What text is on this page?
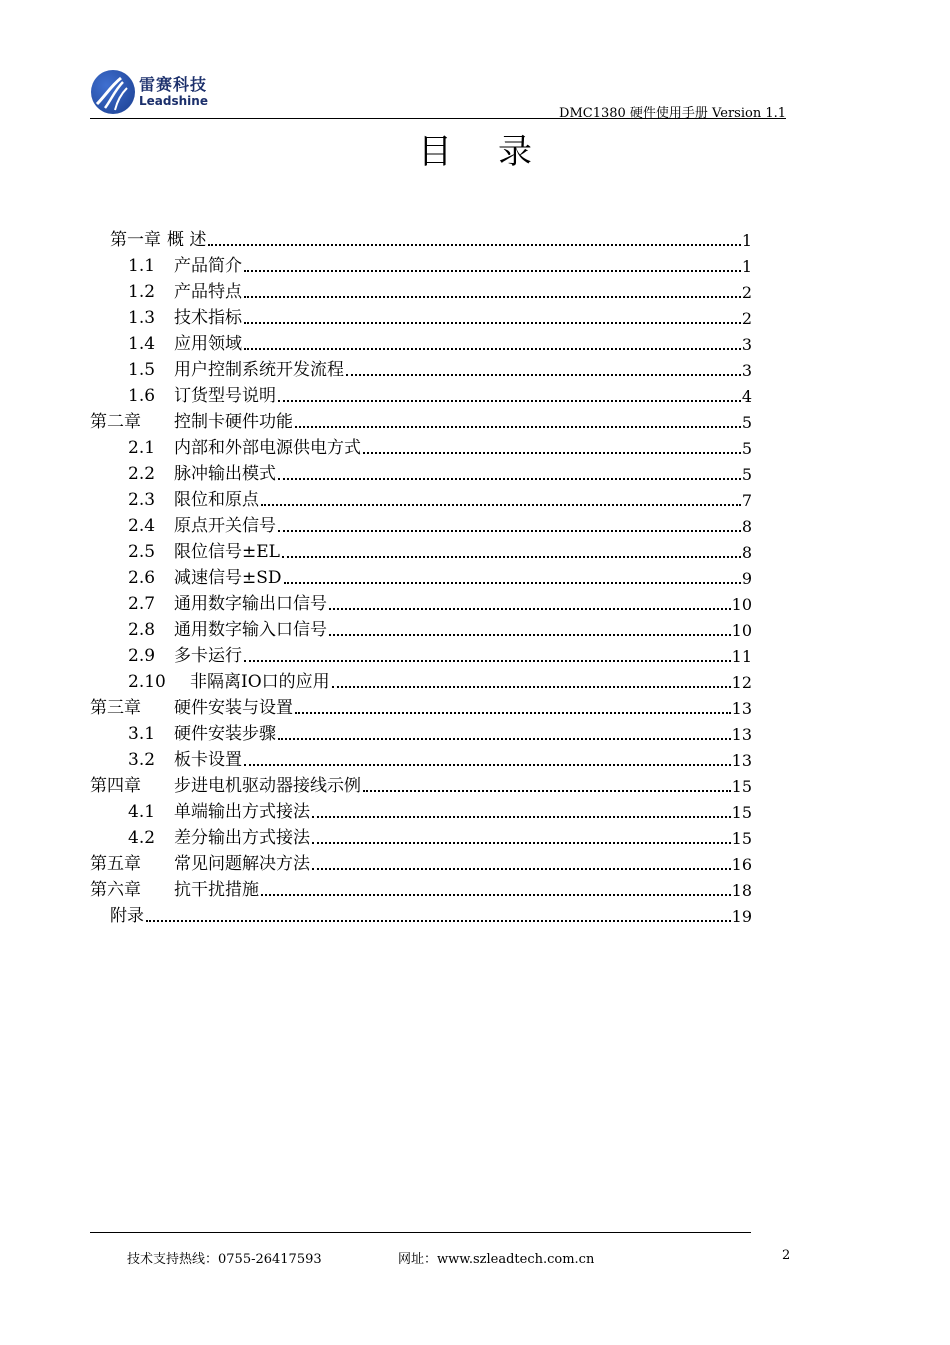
雷赛科技
Leadshine
DMC1380 硬件使用手册 Version 1.1
目录
第一章 概 述	1
1.1	产品简介	1
1.2	产品特点	2
1.3	技术指标	2
1.4	应用领域	3
1.5	用户控制系统开发流程	3
1.6	订货型号说明	4
第二章	控制卡硬件功能	5
2.1	内部和外部电源供电方式	5
2.2	脉冲输出模式	5
2.3	限位和原点	7
2.4	原点开关信号	8
2.5	限位信号±EL	8
2.6	减速信号±SD	9
2.7	通用数字输出口信号	10
2.8	通用数字输入口信号	10
2.9	多卡运行	11
2.10	非隔离IO口的应用	12
第三章	硬件安装与设置	13
3.1	硬件安装步骤	13
3.2	板卡设置	13
第四章	步进电机驱动器接线示例	15
4.1	单端输出方式接法	15
4.2	差分输出方式接法	15
第五章	常见问题解决方法	16
第六章	抗干扰措施	18
附录	19
技术支持热线：0755-26417593	网址：www.szleadtech.com.cn	2
